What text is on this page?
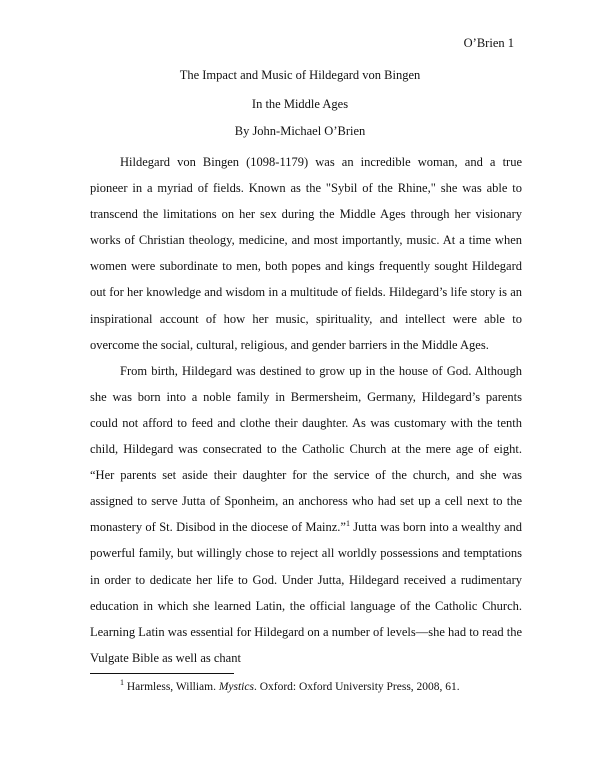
O’Brien 1
The Impact and Music of Hildegard von Bingen
In the Middle Ages
By John-Michael O’Brien

Hildegard von Bingen (1098-1179) was an incredible woman, and a true pioneer in a myriad of fields. Known as the "Sybil of the Rhine," she was able to transcend the limitations on her sex during the Middle Ages through her visionary works of Christian theology, medicine, and most importantly, music. At a time when women were subordinate to men, both popes and kings frequently sought Hildegard out for her knowledge and wisdom in a multitude of fields. Hildegard’s life story is an inspirational account of how her music, spirituality, and intellect were able to overcome the social, cultural, religious, and gender barriers in the Middle Ages.

From birth, Hildegard was destined to grow up in the house of God. Although she was born into a noble family in Bermersheim, Germany, Hildegard’s parents could not afford to feed and clothe their daughter. As was customary with the tenth child, Hildegard was consecrated to the Catholic Church at the mere age of eight. “Her parents set aside their daughter for the service of the church, and she was assigned to serve Jutta of Sponheim, an anchoress who had set up a cell next to the monastery of St. Disibod in the diocese of Mainz.”$^1$ Jutta was born into a wealthy and powerful family, but willingly chose to reject all worldly possessions and temptations in order to dedicate her life to God. Under Jutta, Hildegard received a rudimentary education in which she learned Latin, the official language of the Catholic Church. Learning Latin was essential for Hildegard on a number of levels—she had to read the Vulgate Bible as well as chant

$^1$ Harmless, William. Mystics. Oxford: Oxford University Press, 2008, 61.
